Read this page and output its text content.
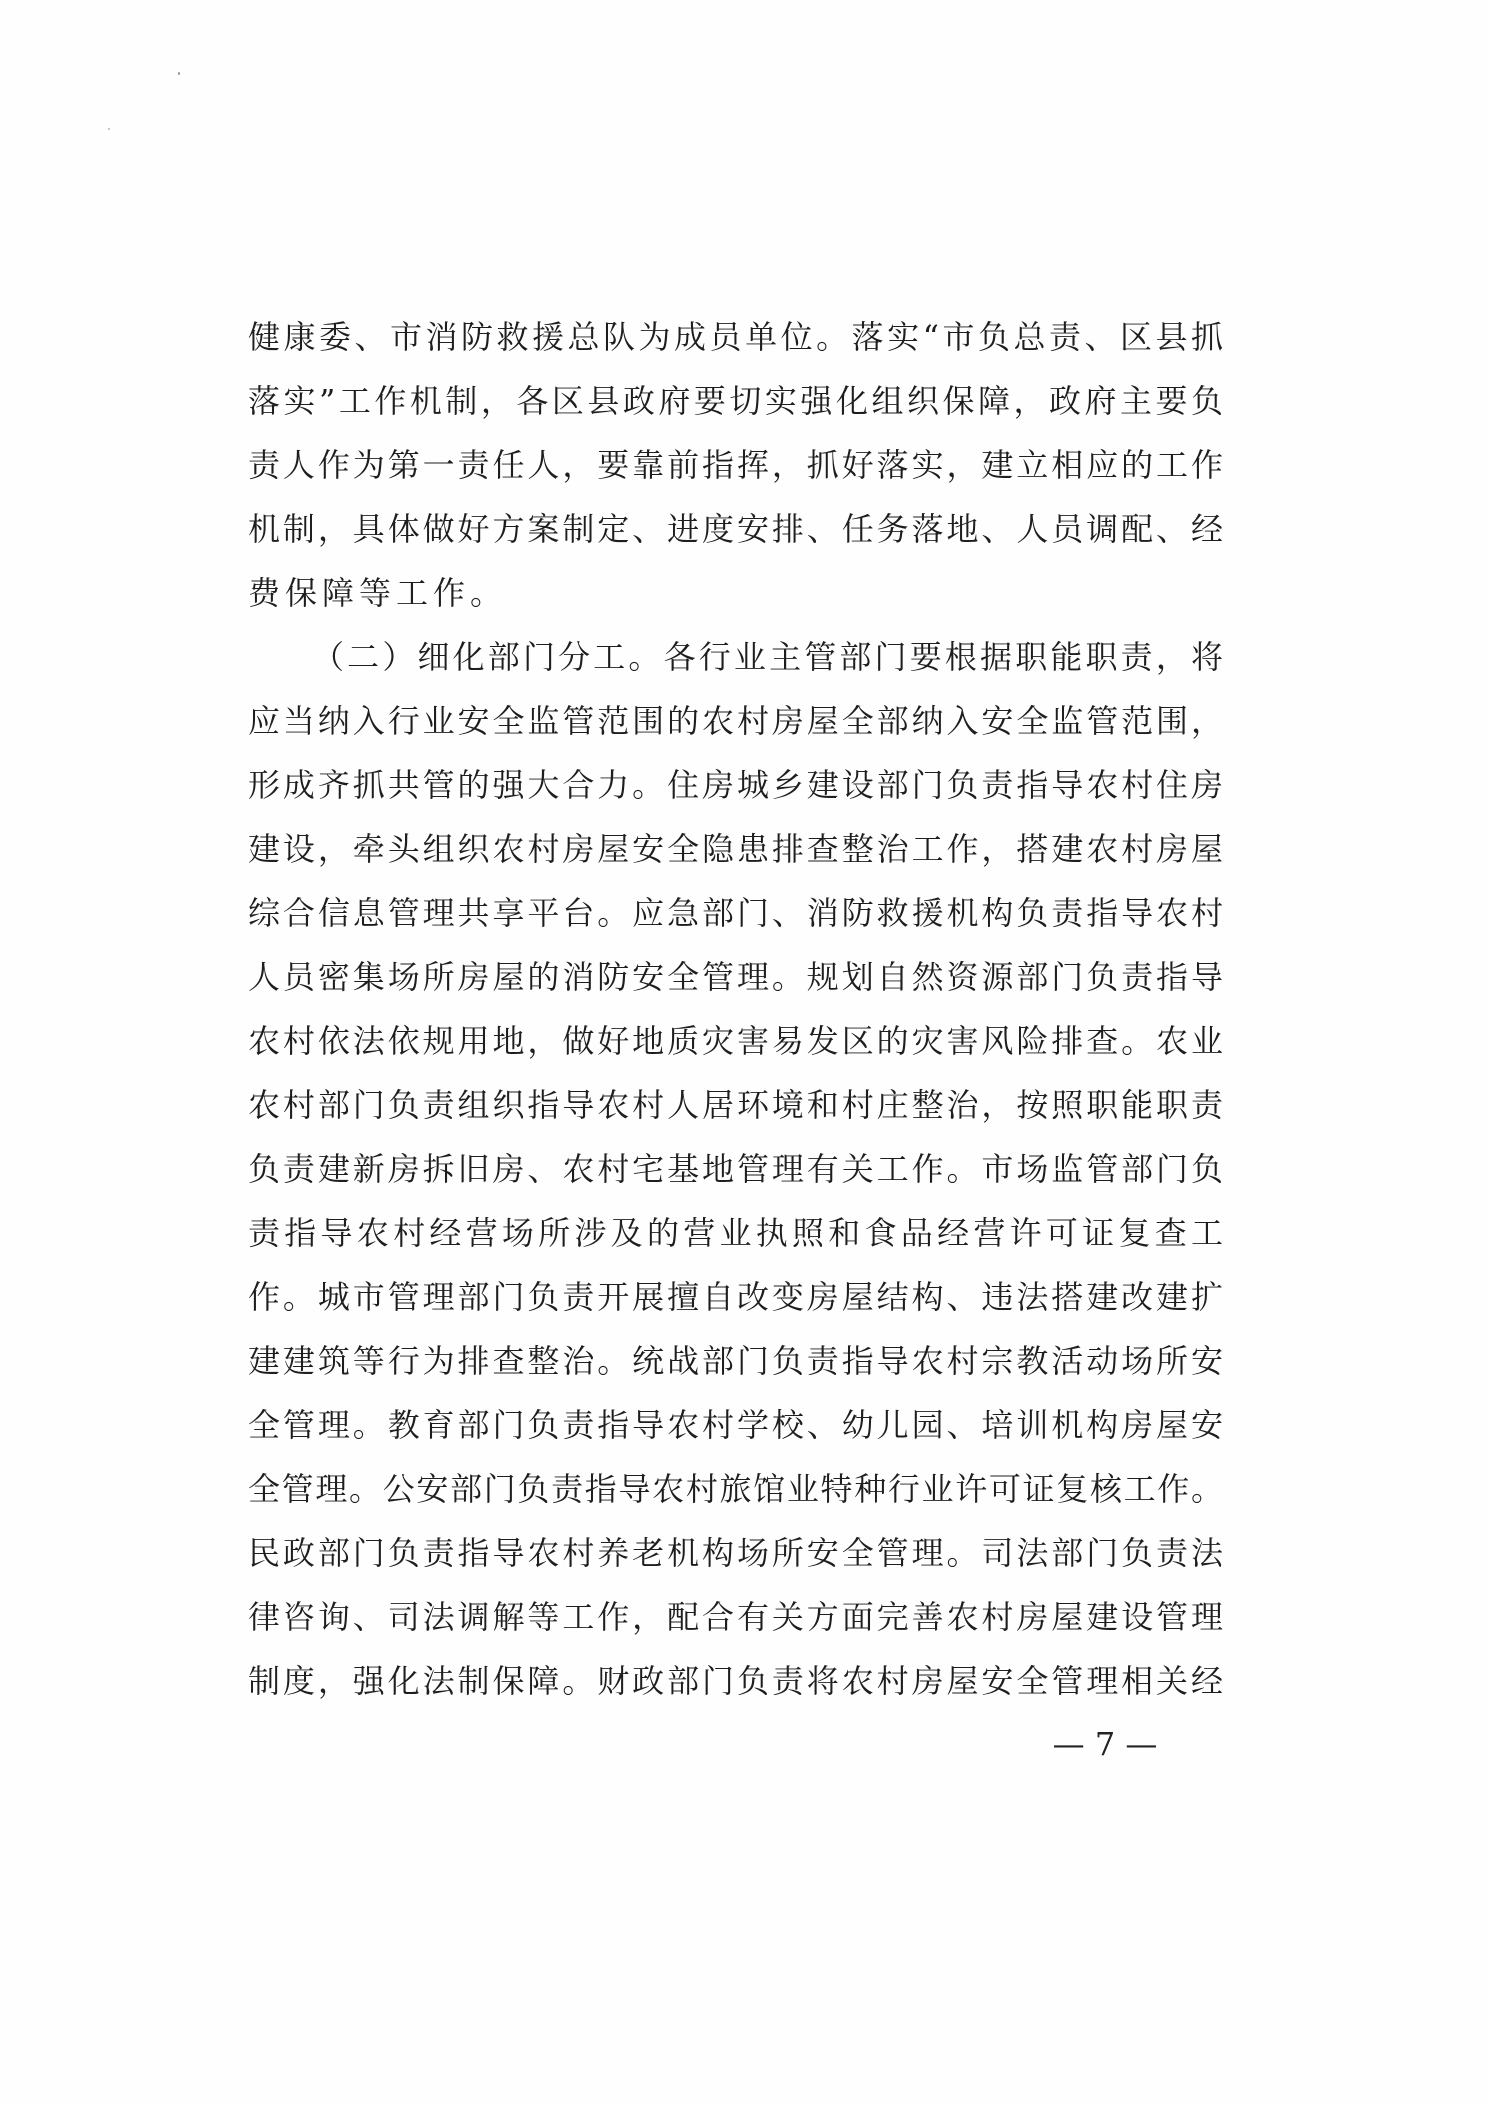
健康委、市消防救援总队为成员单位。落实“市负总责、区县抓
落实”工作机制，各区县政府要切实强化组织保障，政府主要负
责人作为第一责任人，要靠前指挥，抓好落实，建立相应的工作
机制，具体做好方案制定、进度安排、任务落地、人员调配、经
费保障等工作。
（二）细化部门分工。各行业主管部门要根据职能职责，将
应当纳入行业安全监管范围的农村房屋全部纳入安全监管范围，
形成齐抓共管的强大合力。住房城乡建设部门负责指导农村住房
建设，牵头组织农村房屋安全隐患排查整治工作，搭建农村房屋
综合信息管理共享平台。应急部门、消防救援机构负责指导农村
人员密集场所房屋的消防安全管理。规划自然资源部门负责指导
农村依法依规用地，做好地质灾害易发区的灾害风险排查。农业
农村部门负责组织指导农村人居环境和村庄整治，按照职能职责
负责建新房拆旧房、农村宅基地管理有关工作。市场监管部门负
责指导农村经营场所涉及的营业执照和食品经营许可证复查工
作。城市管理部门负责开展擅自改变房屋结构、违法搭建改建扩
建建筑等行为排查整治。统战部门负责指导农村宗教活动场所安
全管理。教育部门负责指导农村学校、幼儿园、培训机构房屋安
全管理。公安部门负责指导农村旅馆业特种行业许可证复核工作。
民政部门负责指导农村养老机构场所安全管理。司法部门负责法
律咨询、司法调解等工作，配合有关方面完善农村房屋建设管理
制度，强化法制保障。财政部门负责将农村房屋安全管理相关经
— 7 —
